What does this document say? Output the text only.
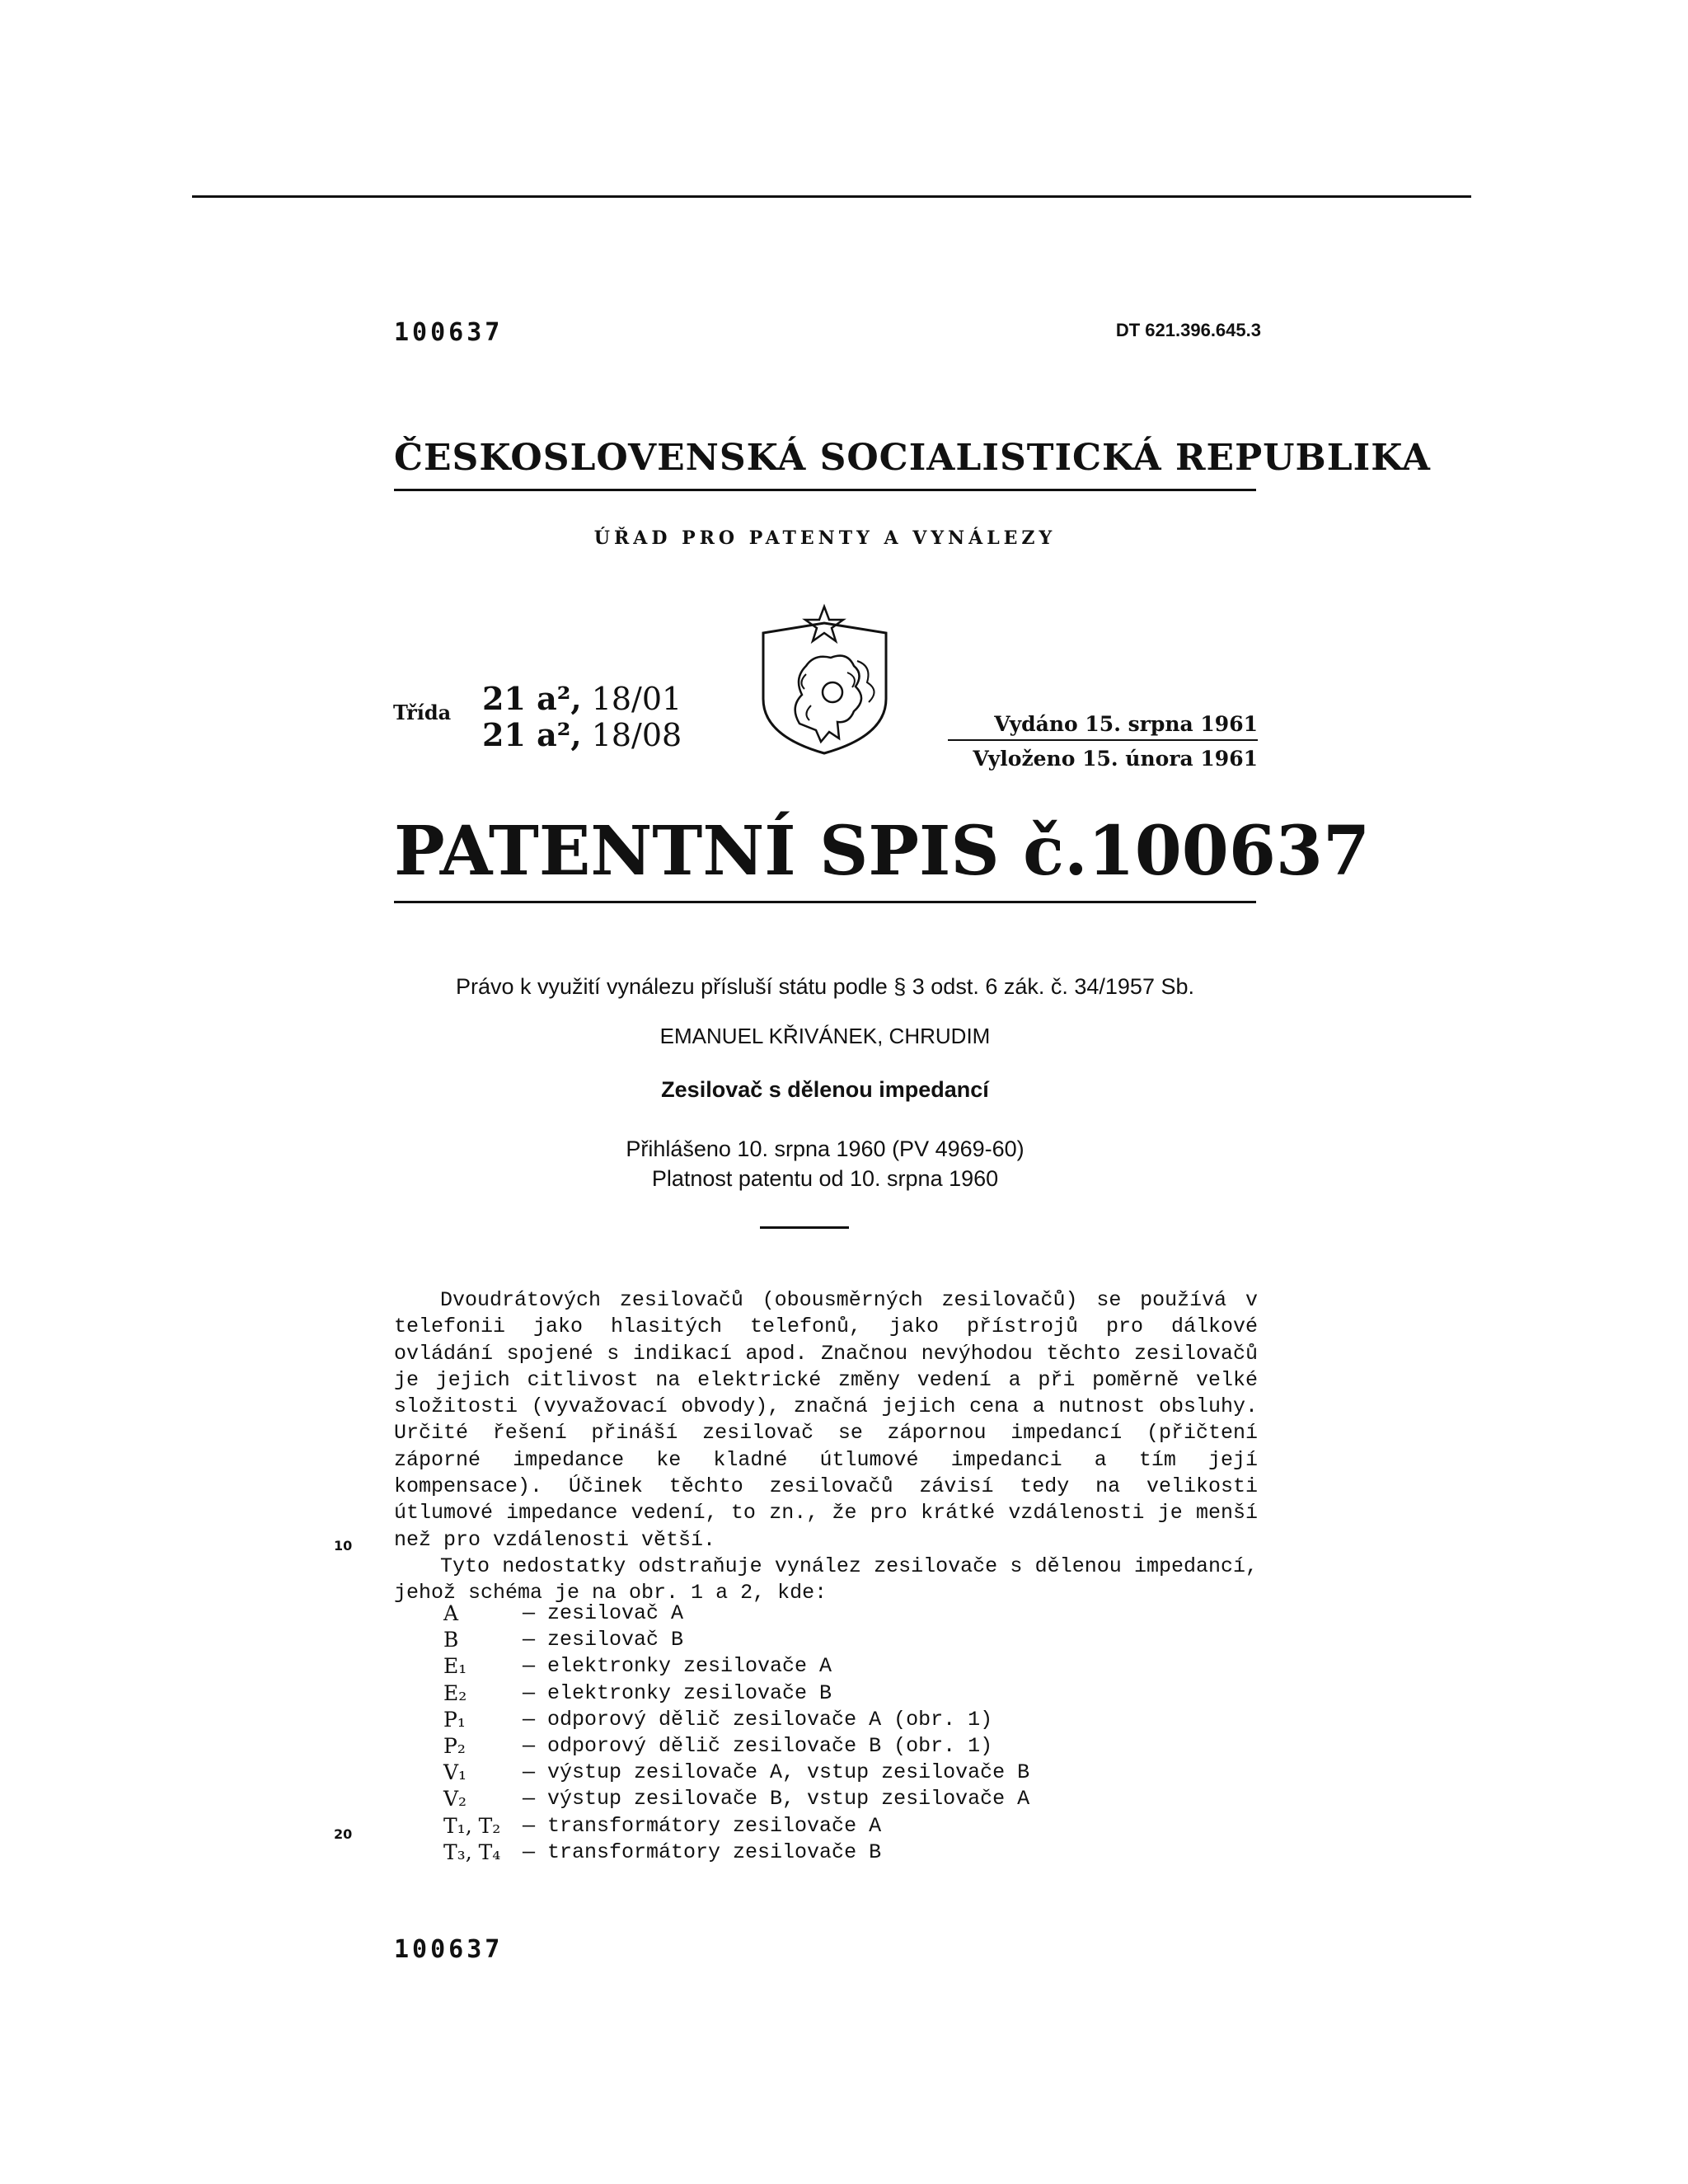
100637	DT 621.396.645.3
ČESKOSLOVENSKÁ SOCIALISTICKÁ REPUBLIKA
ÚŘAD PRO PATENTY A VYNÁLEZY
Třída 21 a², 18/01
21 a², 18/08	Vydáno 15. srpna 1961
Vyloženo 15. února 1961
PATENTNÍ SPIS č. 100637
Právo k využití vynálezu přísluší státu podle § 3 odst. 6 zák. č. 34/1957 Sb.
EMANUEL KŘIVÁNEK, CHRUDIM
Zesilovač s dělenou impedancí
Přihlášeno 10. srpna 1960 (PV 4969-60)
Platnost patentu od 10. srpna 1960

Dvoudrátových zesilovačů (obousměrných zesilovačů) se používá v telefonii jako hlasitých telefonů, jako přístrojů pro dálkové ovládání spojené s indikací apod. Značnou nevýhodou těchto zesilovačů je jejich citlivost na elektrické změny vedení a při poměrně velké složitosti (vyvažovací obvody), značná jejich cena a nutnost obsluhy. Určité řešení přináší zesilovač se zápornou impedancí (přičtení záporné impedance ke kladné útlumové impedanci a tím její kompensace). Účinek těchto zesilovačů závisí tedy na velikosti útlumové impedance vedení, to zn., že pro krátké vzdálenosti je menší než pro vzdálenosti větší.

Tyto nedostatky odstraňuje vynález zesilovače s dělenou impedancí, jehož schéma je na obr. 1 a 2, kde:

10
20
A	— zesilovač A
B	— zesilovač B
E₁	— elektronky zesilovače A
E₂	— elektronky zesilovače B
P₁	— odporový dělič zesilovače A (obr. 1)
P₂	— odporový dělič zesilovače B (obr. 1)
V₁	— výstup zesilovače A, vstup zesilovače B
V₂	— výstup zesilovače B, vstup zesilovače A
T₁, T₂	— transformátory zesilovače A
T₃, T₄	— transformátory zesilovače B
100637
